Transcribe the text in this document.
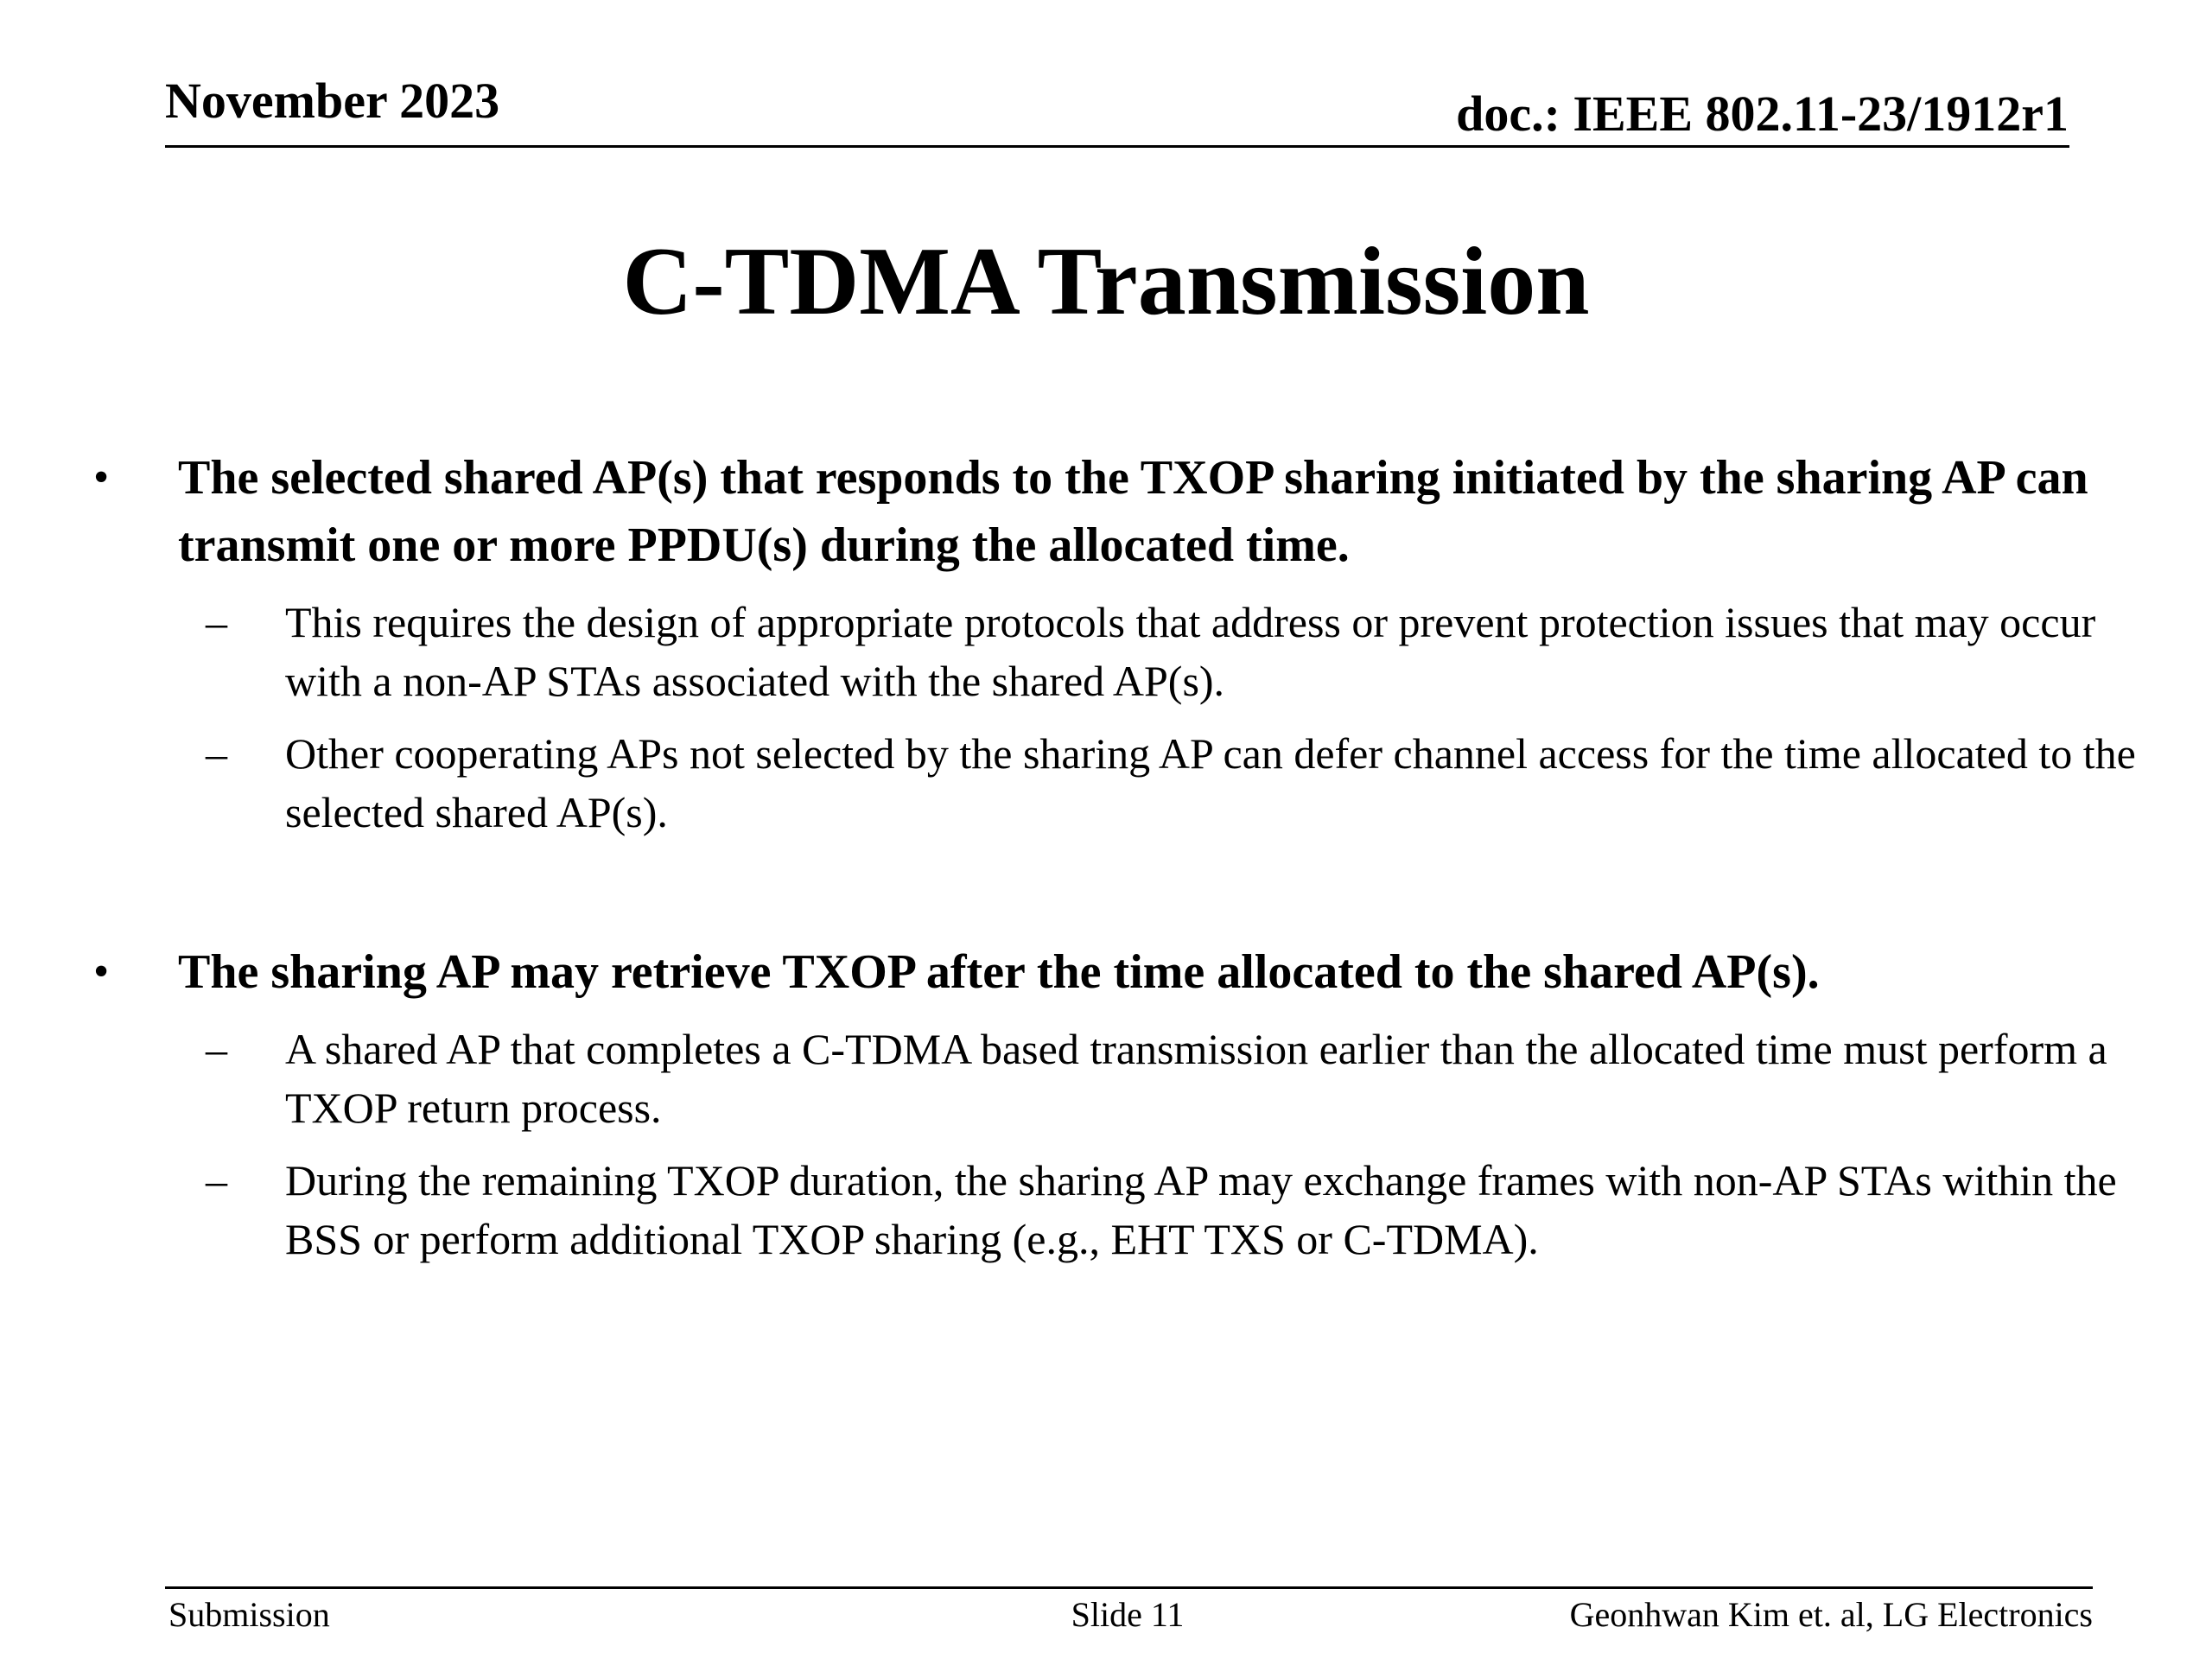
November 2023	doc.: IEEE 802.11-23/1912r1
C-TDMA Transmission
• The selected shared AP(s) that responds to the TXOP sharing initiated by the sharing AP can transmit one or more PPDU(s) during the allocated time.
– This requires the design of appropriate protocols that address or prevent protection issues that may occur with a non-AP STAs associated with the shared AP(s).
– Other cooperating APs not selected by the sharing AP can defer channel access for the time allocated to the selected shared AP(s).
• The sharing AP may retrieve TXOP after the time allocated to the shared AP(s).
– A shared AP that completes a C-TDMA based transmission earlier than the allocated time must perform a TXOP return process.
– During the remaining TXOP duration, the sharing AP may exchange frames with non-AP STAs within the BSS or perform additional TXOP sharing (e.g., EHT TXS or C-TDMA).
Submission	Slide 11	Geonhwan Kim et. al, LG Electronics
